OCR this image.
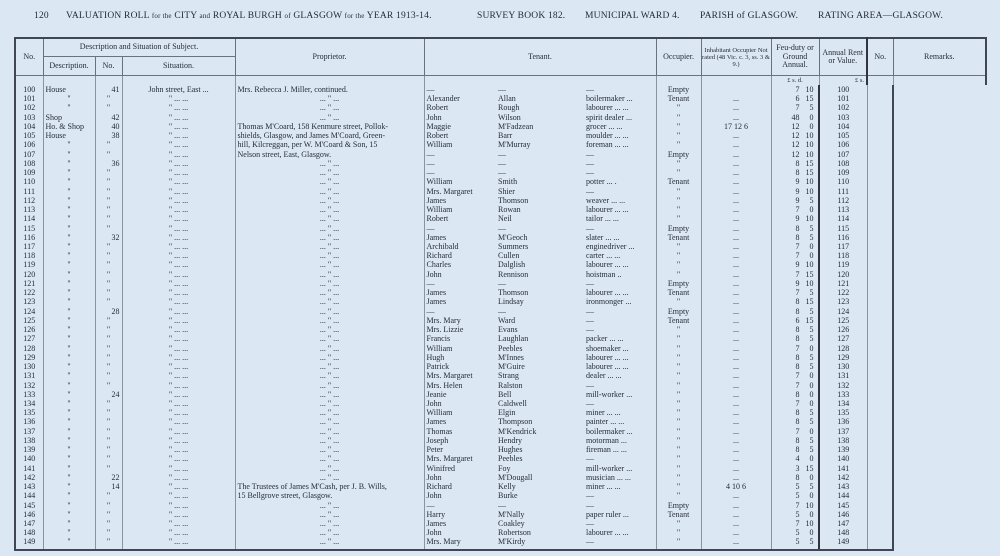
120 VALUATION ROLL for the CITY and ROYAL BURGH of GLASGOW for the YEAR 1913-14.	SURVEY BOOK 182. MUNICIPAL WARD 4. PARISH of GLASGOW. RATING AREA—GLASGOW.
No.	Description and Situation of Subject.			Proprietor.	Tenant.			Occupier.	Inhabitant Occupier Not rated (48 Vic. c. 3, ss. 3 & 9.)	Feu-duty or Ground Annual.	Annual Rent or Value.	No.	Remarks.
	Description.	No.	Situation.										
										£ s. d.	£ s.		
100	House	41	John street, East ...	Mrs. Rebecca J. Miller, continued.	—	—	—	Empty		7 10	100		
101	"	"	" ... ...	... " ...	Alexander	Allan	boilermaker ...	Tenant	...	6 15	101		
102	"	"	" ... ...	... " ...	Robert	Rough	labourer ... ...	"	...	7 5	102		
103	Shop	42	" ... ...	... " ...	John	Wilson	spirit dealer ...	"	...	48 0	103		
104	Ho. & Shop	40	" ... ...	Thomas M'Coard, 158 Kenmure street, Pollok-	Maggie	M'Fadzean	grocer ... ...	"	17 12 6	12 0	104		
105	House	38	" ... ...	shields, Glasgow, and James M'Coard, Green-	Robert	Barr	moulder ... ...	"	...	12 10	105		
106	"	"	" ... ...	hill, Kilcreggan, per W. M'Coard & Son, 15	William	M'Murray	foreman ... ...	"	...	12 10	106		
107	"	"	" ... ...	Nelson street, East, Glasgow.	—	—	—	Empty	...	12 10	107		
108	"	36	" ... ...	... " ...	—	—	—	"	...	8 15	108		
109	"	"	" ... ...	... " ...	—	—	—	"	...	8 15	109		
110	"	"	" ... ...	... " ...	William	Smith	potter ... .	Tenant	...	9 10	110		
111	"	"	" ... ...	... " ...	Mrs. Margaret	Shier	—	"	...	9 10	111		
112	"	"	" ... ...	... " ...	James	Thomson	weaver ... ...	"	...	9 5	112		
113	"	"	" ... ...	... " ...	William	Rowan	labourer ... ...	"	...	7 0	113		
114	"	"	" ... ...	... " ...	Robert	Neil	tailor ... ...	"	...	9 10	114		
115	"	"	" ... ...	... " ...	—	—	—	Empty	...	8 5	115		
116	"	32	" ... ...	... " ...	James	M'Geoch	slater ... ...	Tenant	...	8 5	116		
117	"	"	" ... ...	... " ...	Archibald	Summers	enginedriver ...	"	...	7 0	117		
118	"	"	" ... ...	... " ...	Richard	Cullen	carter ... ...	"	...	7 0	118		
119	"	"	" ... ...	... " ...	Charles	Dalglish	labourer ... ...	"	...	9 10	119		
120	"	"	" ... ...	... " ...	John	Rennison	hoistman ..	"	...	7 15	120		
121	"	"	" ... ...	... " ...	—	—	—	Empty	...	9 10	121		
122	"	"	" ... ...	... " ...	James	Thomson	labourer ... ...	Tenant	...	7 5	122		
123	"	"	" ... ...	... " ...	James	Lindsay	ironmonger ...	"	...	8 15	123		
124	"	28	" ... ...	... " ...	—	—	—	Empty	...	8 5	124		
125	"	"	" ... ...	... " ...	Mrs. Mary	Ward	—	Tenant	...	6 15	125		
126	"	"	" ... ...	... " ...	Mrs. Lizzie	Evans	—	"	...	8 5	126		
127	"	"	" ... ...	... " ...	Francis	Laughlan	packer ... ...	"	...	8 5	127		
128	"	"	" ... ...	... " ...	William	Peebles	shoemaker ...	"	...	7 0	128		
129	"	"	" ... ...	... " ...	Hugh	M'Innes	labourer ... ...	"	...	8 5	129		
130	"	"	" ... ...	... " ...	Patrick	M'Guire	labourer ... ...	"	...	8 5	130		
131	"	"	" ... ...	... " ...	Mrs. Margaret	Strang	dealer ... ...	"	...	7 0	131		
132	"	"	" ... ...	... " ...	Mrs. Helen	Ralston	—	"	...	7 0	132		
133	"	24	" ... ...	... " ...	Jeanie	Bell	mill-worker ...	"	...	8 0	133		
134	"	"	" ... ...	... " ...	John	Caldwell	—	"	...	7 0	134		
135	"	"	" ... ...	... " ...	William	Elgin	miner ... ...	"	...	8 5	135		
136	"	"	" ... ...	... " ...	James	Thompson	painter ... ...	"	...	8 5	136		
137	"	"	" ... ...	... " ...	Thomas	M'Kendrick	boilermaker ...	"	...	7 0	137		
138	"	"	" ... ...	... " ...	Joseph	Hendry	motorman ...	"	...	8 5	138		
139	"	"	" ... ...	... " ...	Peter	Hughes	fireman ... ...	"	...	8 5	139		
140	"	"	" ... ...	... " ...	Mrs. Margaret	Peebles	—	"	...	4 0	140		
141	"	"	" ... ...	... " ...	Winifred	Foy	mill-worker ...	"	...	3 15	141		
142	"	22	" ... ...	... " ...	John	M'Dougall	musician ... ...	"	...	8 0	142		
143	"	14	" ... ...	The Trustees of James M'Cash, per J. B. Wills,	Richard	Kelly	miner ... ...	"	4 10 6	5 5	143		
144	"	"	" ... ...	15 Bellgrove street, Glasgow.	John	Burke	—	"	...	5 0	144		
145	"	"	" ... ...	... " ...	—	—	—	Empty	...	7 10	145		
146	"	"	" ... ...	... " ...	Harry	M'Nally	paper ruler ...	Tenant	...	5 0	146		
147	"	"	" ... ...	... " ...	James	Coakley	—	"	...	7 10	147		
148	"	"	" ... ...	... " ...	John	Robertson	labourer ... ...	"	...	5 0	148		
149	"	"	" ... ...	... " ...	Mrs. Mary	M'Kirdy	—	"	...	5 5	149		
